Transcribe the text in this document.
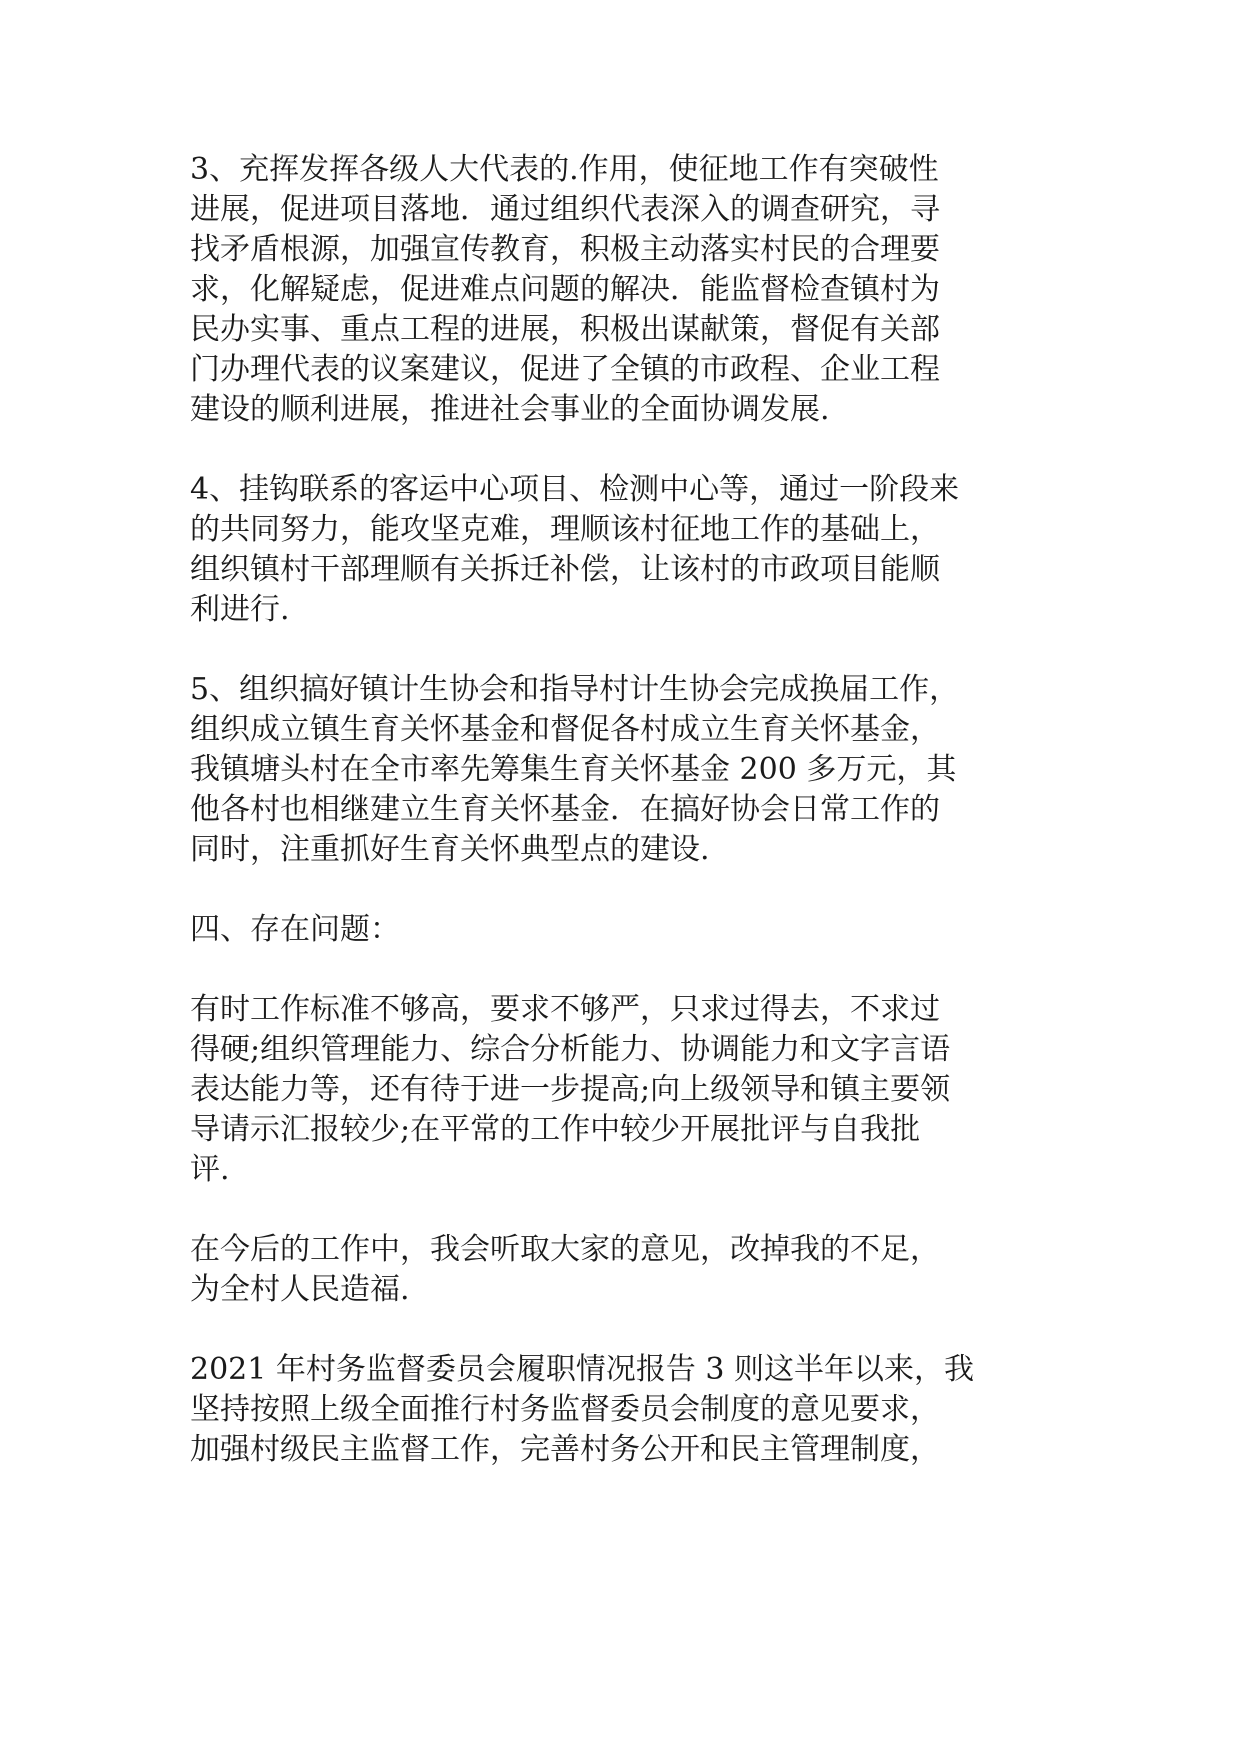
3、充挥发挥各级人大代表的.作用，使征地工作有突破性
进展，促进项目落地．通过组织代表深入的调查研究，寻
找矛盾根源，加强宣传教育，积极主动落实村民的合理要
求，化解疑虑，促进难点问题的解决．能监督检查镇村为
民办实事、重点工程的进展，积极出谋献策，督促有关部
门办理代表的议案建议，促进了全镇的市政程、企业工程
建设的顺利进展，推进社会事业的全面协调发展.
4、挂钩联系的客运中心项目、检测中心等，通过一阶段来
的共同努力，能攻坚克难，理顺该村征地工作的基础上，
组织镇村干部理顺有关拆迁补偿，让该村的市政项目能顺
利进行.
5、组织搞好镇计生协会和指导村计生协会完成换届工作，
组织成立镇生育关怀基金和督促各村成立生育关怀基金，
我镇塘头村在全市率先筹集生育关怀基金 200 多万元，其
他各村也相继建立生育关怀基金．在搞好协会日常工作的
同时，注重抓好生育关怀典型点的建设.
四、存在问题：
有时工作标准不够高，要求不够严，只求过得去，不求过
得硬;组织管理能力、综合分析能力、协调能力和文字言语
表达能力等，还有待于进一步提高;向上级领导和镇主要领
导请示汇报较少;在平常的工作中较少开展批评与自我批
评.
在今后的工作中，我会听取大家的意见，改掉我的不足，
为全村人民造福.
2021 年村务监督委员会履职情况报告 3 则这半年以来，我
坚持按照上级全面推行村务监督委员会制度的意见要求，
加强村级民主监督工作，完善村务公开和民主管理制度，
